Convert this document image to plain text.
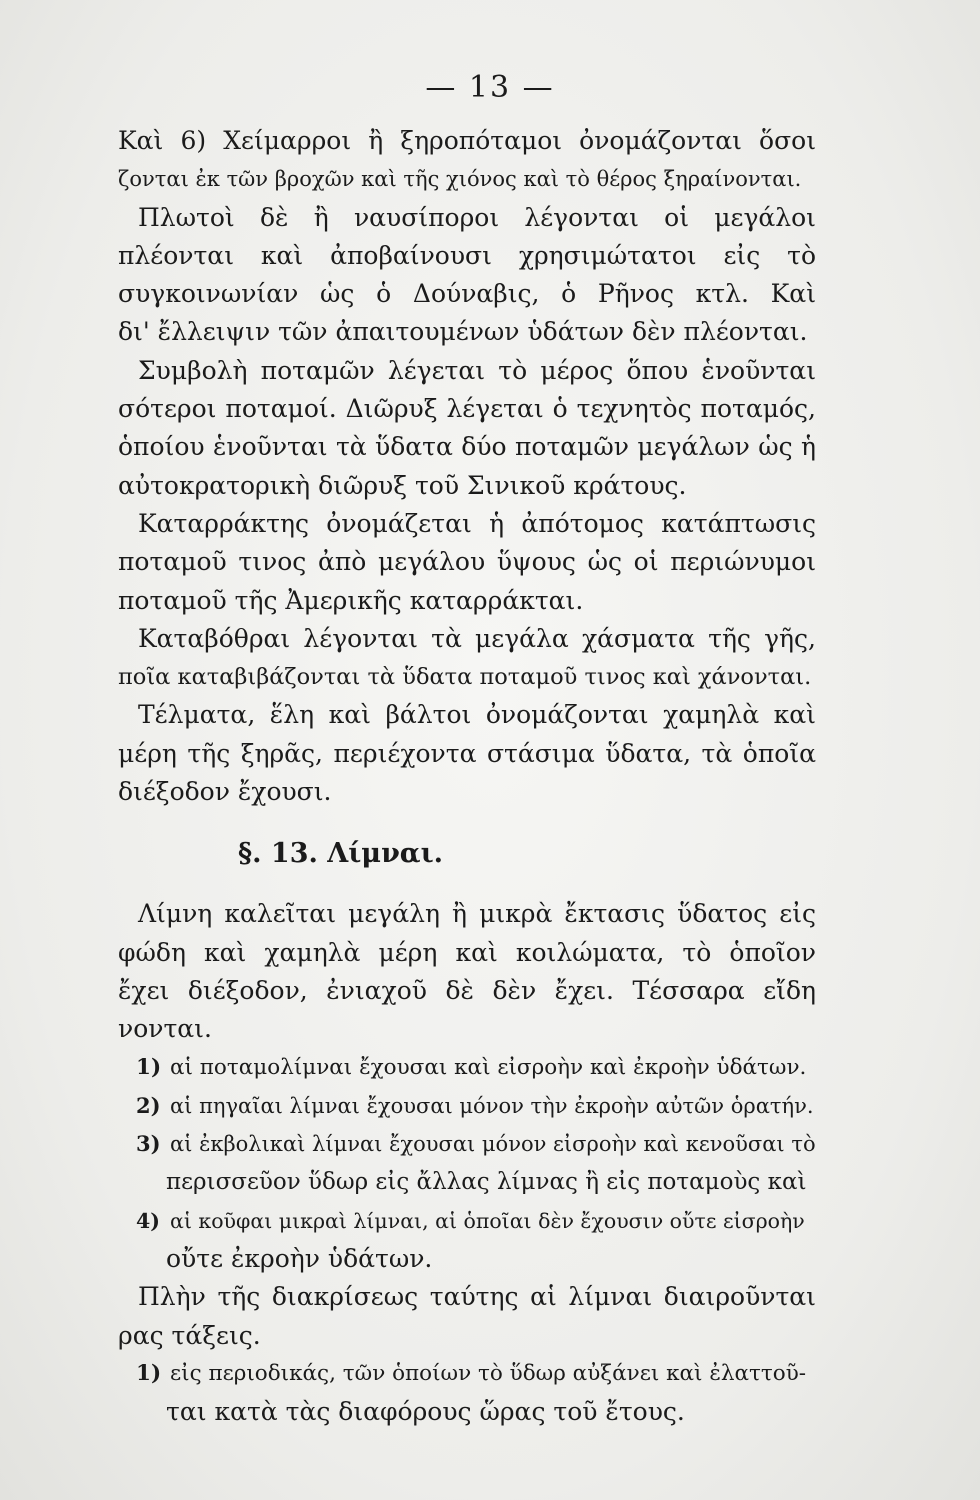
— 13 —
Καὶ 6) Χείμαρροι ἢ ξηροπόταμοι ὀνομάζονται ὅσοι
ζονται ἐκ τῶν βροχῶν καὶ τῆς χιόνος καὶ τὸ θέρος ξηραίνονται.
Πλωτοὶ δὲ ἢ ναυσίποροι λέγονται οἱ μεγάλοι
πλέονται καὶ ἀποβαίνουσι χρησιμώτατοι εἰς τὸ
συγκοινωνίαν ὡς ὁ Δούναβις, ὁ Ρῆνος κτλ. Καὶ
δι' ἔλλειψιν τῶν ἀπαιτουμένων ὑδάτων δὲν πλέονται.
Συμβολὴ ποταμῶν λέγεται τὸ μέρος ὅπου ἑνοῦνται
σότεροι ποταμοί. Διῶρυξ λέγεται ὁ τεχνητὸς ποταμός,
ὁποίου ἑνοῦνται τὰ ὕδατα δύο ποταμῶν μεγάλων ὡς ἡ
αὐτοκρατορικὴ διῶρυξ τοῦ Σινικοῦ κράτους.
Καταρράκτης ὀνομάζεται ἡ ἀπότομος κατάπτωσις
ποταμοῦ τινος ἀπὸ μεγάλου ὕψους ὡς οἱ περιώνυμοι
ποταμοῦ τῆς Ἀμερικῆς καταρράκται.
Καταβόθραι λέγονται τὰ μεγάλα χάσματα τῆς γῆς,
ποῖα καταβιβάζονται τὰ ὕδατα ποταμοῦ τινος καὶ χάνονται.
Τέλματα, ἕλη καὶ βάλτοι ὀνομάζονται χαμηλὰ καὶ
μέρη τῆς ξηρᾶς, περιέχοντα στάσιμα ὕδατα, τὰ ὁποῖα
διέξοδον ἔχουσι.
§. 13. Λίμναι.
Λίμνη καλεῖται μεγάλη ἢ μικρὰ ἔκτασις ὕδατος εἰς
φώδη καὶ χαμηλὰ μέρη καὶ κοιλώματα, τὸ ὁποῖον
ἔχει διέξοδον, ἐνιαχοῦ δὲ δὲν ἔχει. Τέσσαρα εἴδη
νονται.
1) αἱ ποταμολίμναι ἔχουσαι καὶ εἰσροὴν καὶ ἐκροὴν ὑδάτων.
2) αἱ πηγαῖαι λίμναι ἔχουσαι μόνον τὴν ἐκροὴν αὐτῶν ὁρατήν.
3) αἱ ἐκβολικαὶ λίμναι ἔχουσαι μόνον εἰσροὴν καὶ κενοῦσαι τὸ
περισσεῦον ὕδωρ εἰς ἄλλας λίμνας ἢ εἰς ποταμοὺς καὶ
4) αἱ κοῦφαι μικραὶ λίμναι, αἱ ὁποῖαι δὲν ἔχουσιν οὔτε εἰσροὴν
οὔτε ἐκροὴν ὑδάτων.
Πλὴν τῆς διακρίσεως ταύτης αἱ λίμναι διαιροῦνται
ρας τάξεις.
1) εἰς περιοδικάς, τῶν ὁποίων τὸ ὕδωρ αὐξάνει καὶ ἐλαττοῦ-
ται κατὰ τὰς διαφόρους ὥρας τοῦ ἔτους.
